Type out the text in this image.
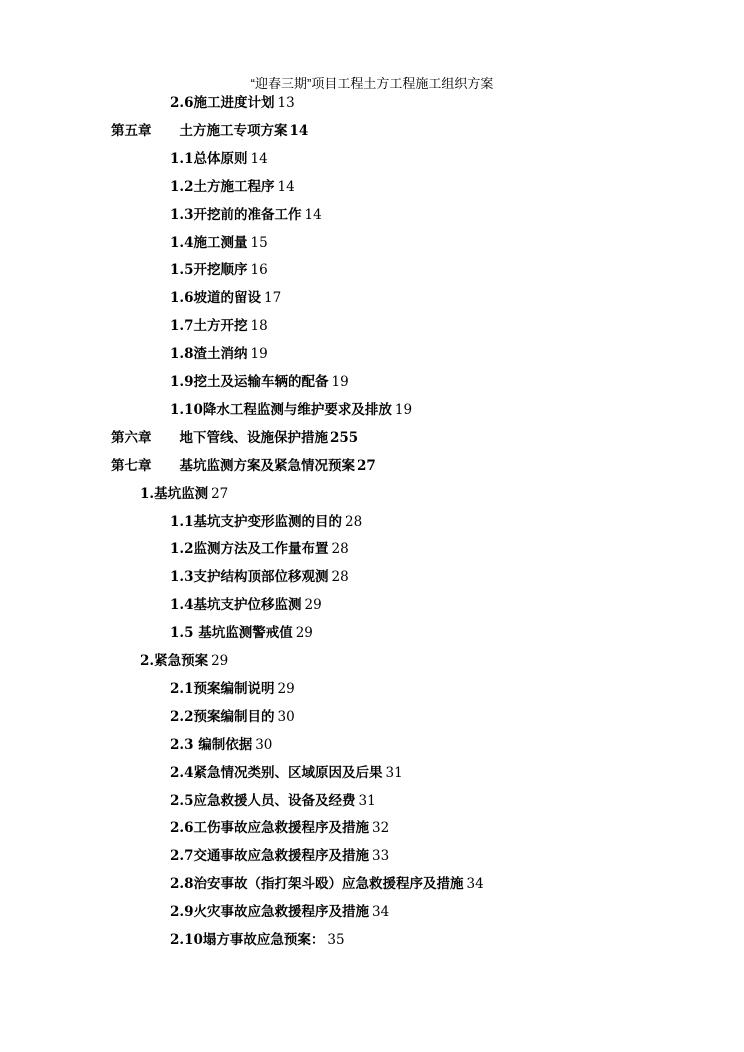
“迎春三期”项目工程土方工程施工组织方案
2.6施工进度计划 13
第五章 土方施工专项方案 14
1.1总体原则 14
1.2土方施工程序 14
1.3开挖前的准备工作 14
1.4施工测量 15
1.5开挖顺序 16
1.6坡道的留设 17
1.7土方开挖 18
1.8渣土消纳 19
1.9挖土及运输车辆的配备 19
1.10降水工程监测与维护要求及排放 19
第六章 地下管线、设施保护措施 255
第七章 基坑监测方案及紧急情况预案 27
1.基坑监测 27
1.1基坑支护变形监测的目的 28
1.2监测方法及工作量布置 28
1.3支护结构顶部位移观测 28
1.4基坑支护位移监测 29
1.5 基坑监测警戒值 29
2.紧急预案 29
2.1预案编制说明 29
2.2预案编制目的 30
2.3 编制依据 30
2.4紧急情况类别、区域原因及后果 31
2.5应急救援人员、设备及经费 31
2.6工伤事故应急救援程序及措施 32
2.7交通事故应急救援程序及措施 33
2.8治安事故（指打架斗殴）应急救援程序及措施 34
2.9火灾事故应急救援程序及措施 34
2.10塌方事故应急预案： 35
